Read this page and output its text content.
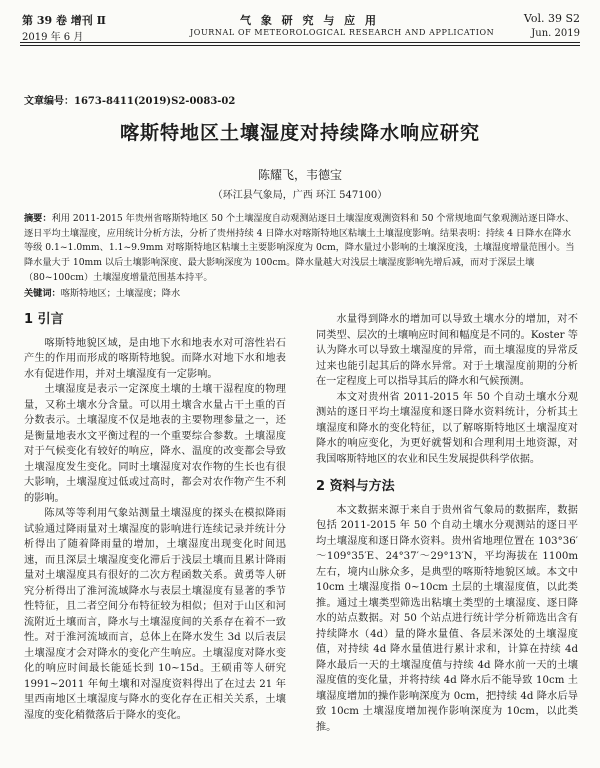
第 39 卷 增刊 Ⅱ	气 象 研 究 与 应 用	Vol. 39 S2
2019 年 6 月	JOURNAL OF METEOROLOGICAL RESEARCH AND APPLICATION	Jun. 2019
文章编号：1673-8411(2019)S2-0083-02
喀斯特地区土壤湿度对持续降水响应研究
陈耀飞，韦德宝
（环江县气象局，广西 环江 547100）
摘要：利用 2011-2015 年贵州省喀斯特地区 50 个土壤湿度自动观测站逐日土壤湿度观测资料和 50 个常规地面气象观测站逐日降水、逐日平均土壤湿度，应用统计分析方法，分析了贵州持续 4 日降水对喀斯特地区粘壤土土壤湿度影响。结果表明：持续 4 日降水在降水等级 0.1~1.0mm、1.1~9.9mm 对喀斯特地区粘壤土主要影响深度为 0cm，降水量过小影响的土壤深度浅，土壤湿度增量范围小。当降水量大于 10mm 以后土壤影响深度、最大影响深度为 100cm。降水量越大对浅层土壤湿度影响先增后减，而对于深层土壤（80~100cm）土壤湿度增量范围基本持平。
关键词：喀斯特地区；土壤湿度；降水
1 引言

喀斯特地貌区域，是由地下水和地表水对可溶性岩石产生的作用而形成的喀斯特地貌。而降水对地下水和地表水有促进作用，并对土壤湿度有一定影响。

土壤湿度是表示一定深度土壤的土壤干湿程度的物理量，又称土壤水分含量。可以用土壤含水量占干土重的百分数表示。土壤湿度不仅是地表的主要物理参量之一，还是衡量地表水文平衡过程的一个重要综合参数。土壤湿度对于气候变化有较好的响应，降水、温度的改变都会导致土壤湿度发生变化。同时土壤湿度对农作物的生长也有很大影响，土壤湿度过低或过高时，都会对农作物产生不利的影响。

陈凤等等利用气象站测量土壤湿度的探头在模拟降雨试验通过降雨量对土壤湿度的影响进行连续记录并统计分析得出了随着降雨量的增加，土壤湿度出现变化时间迅速，而且深层土壤湿度变化滞后于浅层土壤而且累计降雨量对土壤湿度具有很好的二次方程函数关系。黄勇等人研究分析得出了淮河流域降水与表层土壤湿度有显著的季节性特征，且二者空间分布特征较为相似；但对于山区和河流附近土壤而言，降水与土壤湿度间的关系存在着不一致性。对于淮河流域而言，总体上在降水发生 3d 以后表层土壤湿度才会对降水的变化产生响应。土壤湿度对降水变化的响应时间最长能延长到 10~15d。王硕甫等人研究 1991~2011 年甸土壤和对湿度资料得出了在过去 21 年里西南地区土壤湿度与降水的变化存在正相关关系，土壤湿度的变化稍微落后于降水的变化。

水量得到降水的增加可以导致土壤水分的增加，对不同类型、层次的土壤响应时间和幅度是不同的。Koster 等认为降水可以导致土壤湿度的异常，而土壤湿度的异常反过来也能引起其后的降水异常。对于土壤湿度前期的分析在一定程度上可以指导其后的降水和气候预测。

本文对贵州省 2011-2015 年 50 个自动土壤水分观测站的逐日平均土壤湿度和逐日降水资料统计，分析其土壤湿度和降水的变化特征，以了解喀斯特地区土壤湿度对降水的响应变化，为更好就誓划和合理利用土地资源，对我国喀斯特地区的农业和民生发展提供科学依据。

2 资料与方法

本文数据来源于来自于贵州省气象局的数据库，数据包括 2011-2015 年 50 个自动土壤水分观测站的逐日平均土壤湿度和逐日降水资料。贵州省地理位置在 103°36′～109°35′E、24°37′～29°13′N，平均海拔在 1100m 左右，境内山脉众多，是典型的喀斯特地貌区域。本文中 10cm 土壤湿度指 0~10cm 土层的土壤湿度值，以此类推。通过土壤类型筛选出粘壤土类型的土壤湿度、逐日降水的站点数据。对 50 个站点进行统计学分析筛选出含有持续降水（4d）量的降水量值、各层米深处的土壤湿度值，对持续 4d 降水量值进行累计求和，计算在持续 4d 降水最后一天的土壤湿度值与持续 4d 降水前一天的土壤湿度值的变化量，并将持续 4d 降水后不能导致 10cm 土壤湿度增加的操作影响深度为 0cm，把持续 4d 降水后导致 10cm 土壤湿度增加视作影响深度为 10cm，以此类推。
